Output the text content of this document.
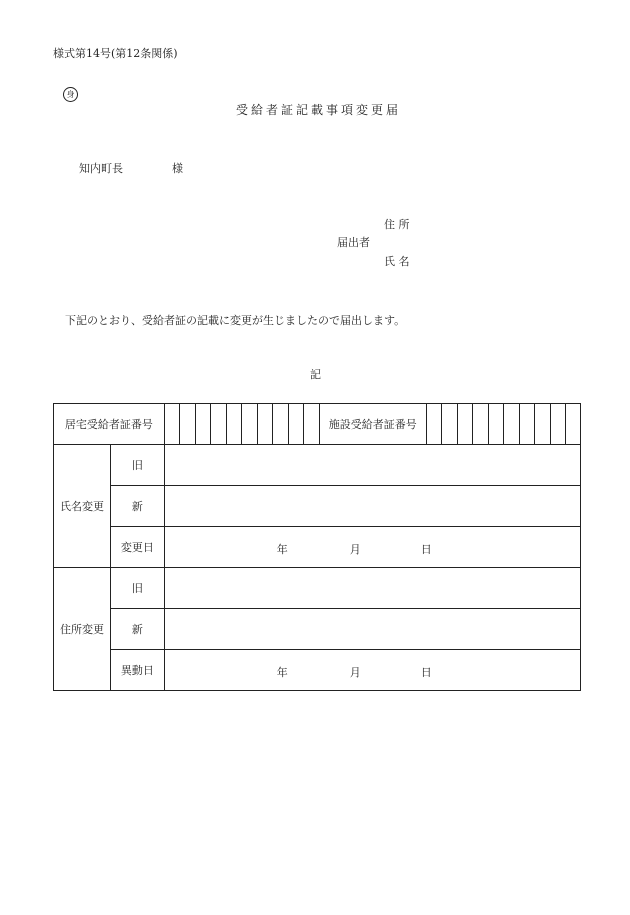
様式第14号(第12条関係)
身
受給者証記載事項変更届
知内町長	様
住 所
届出者
氏 名
下記のとおり、受給者証の記載に変更が生じましたので届出します。
記
居宅受給者証番号												施設受給者証番号										
氏名変更	旧																					
	新																					
	変更日	年 月 日																				

住所変更	旧																					
	新																					
	異動日	年 月 日																				
